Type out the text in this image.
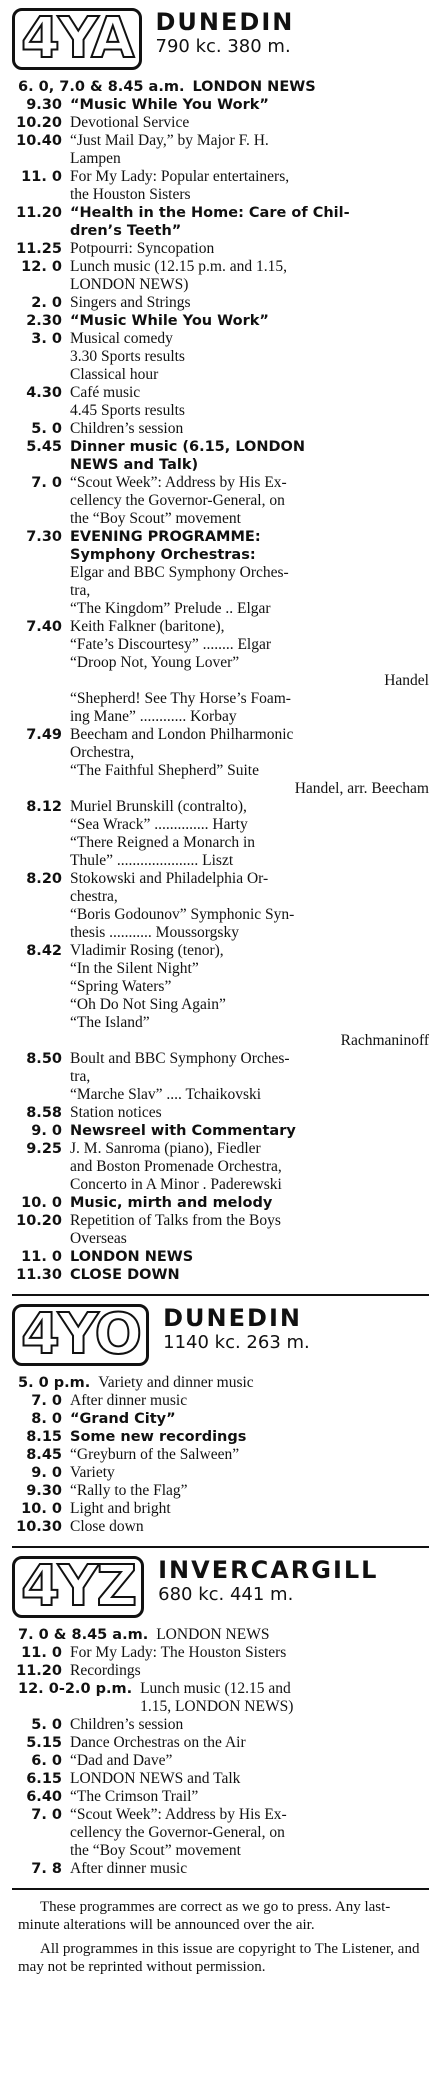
4YA DUNEDIN
790 kc. 380 m.
6. 0, 7.0 & 8.45 a.m. LONDON NEWS
9.30 “Music While You Work”
10.20 Devotional Service
10.40 “Just Mail Day,” by Major F. H.
Lampen
11. 0 For My Lady: Popular entertainers,
the Houston Sisters
11.20 “Health in the Home: Care of Chil-
dren’s Teeth”
11.25 Potpourri: Syncopation
12. 0 Lunch music (12.15 p.m. and 1.15,
LONDON NEWS)
2. 0 Singers and Strings
2.30 “Music While You Work”
3. 0 Musical comedy
3.30 Sports results
Classical hour
4.30 Café music
4.45 Sports results
5. 0 Children’s session
5.45 Dinner music (6.15, LONDON
NEWS and Talk)
7. 0 “Scout Week”: Address by His Ex-
cellency the Governor-General, on
the “Boy Scout” movement
7.30 EVENING PROGRAMME:
Symphony Orchestras:
Elgar and BBC Symphony Orches-
tra,
“The Kingdom” Prelude .. Elgar
7.40 Keith Falkner (baritone),
“Fate’s Discourtesy” ........ Elgar
“Droop Not, Young Lover”
Handel
“Shepherd! See Thy Horse’s Foam-
ing Mane” ............ Korbay
7.49 Beecham and London Philharmonic
Orchestra,
“The Faithful Shepherd” Suite
Handel, arr. Beecham
8.12 Muriel Brunskill (contralto),
“Sea Wrack” .............. Harty
“There Reigned a Monarch in
Thule” ..................... Liszt
8.20 Stokowski and Philadelphia Or-
chestra,
“Boris Godounov” Symphonic Syn-
thesis ........... Moussorgsky
8.42 Vladimir Rosing (tenor),
“In the Silent Night”
“Spring Waters”
“Oh Do Not Sing Again”
“The Island”
Rachmaninoff
8.50 Boult and BBC Symphony Orches-
tra,
“Marche Slav” .... Tchaikovski
8.58 Station notices
9. 0 Newsreel with Commentary
9.25 J. M. Sanroma (piano), Fiedler
and Boston Promenade Orchestra,
Concerto in A Minor . Paderewski
10. 0 Music, mirth and melody
10.20 Repetition of Talks from the Boys
Overseas
11. 0 LONDON NEWS
11.30 CLOSE DOWN
4YO DUNEDIN
1140 kc. 263 m.
5. 0 p.m. Variety and dinner music
7. 0 After dinner music
8. 0 “Grand City”
8.15 Some new recordings
8.45 “Greyburn of the Salween”
9. 0 Variety
9.30 “Rally to the Flag”
10. 0 Light and bright
10.30 Close down
4YZ INVERCARGILL
680 kc. 441 m.
7. 0 & 8.45 a.m. LONDON NEWS
11. 0 For My Lady: The Houston Sisters
11.20 Recordings
12. 0-2.0 p.m. Lunch music (12.15 and
1.15, LONDON NEWS)
5. 0 Children’s session
5.15 Dance Orchestras on the Air
6. 0 “Dad and Dave”
6.15 LONDON NEWS and Talk
6.40 “The Crimson Trail”
7. 0 “Scout Week”: Address by His Ex-
cellency the Governor-General, on
the “Boy Scout” movement
7. 8 After dinner music

These programmes are correct as we go to press. Any last-minute alterations will be announced over the air.

All programmes in this issue are copyright to The Listener, and may not be reprinted without permission.
